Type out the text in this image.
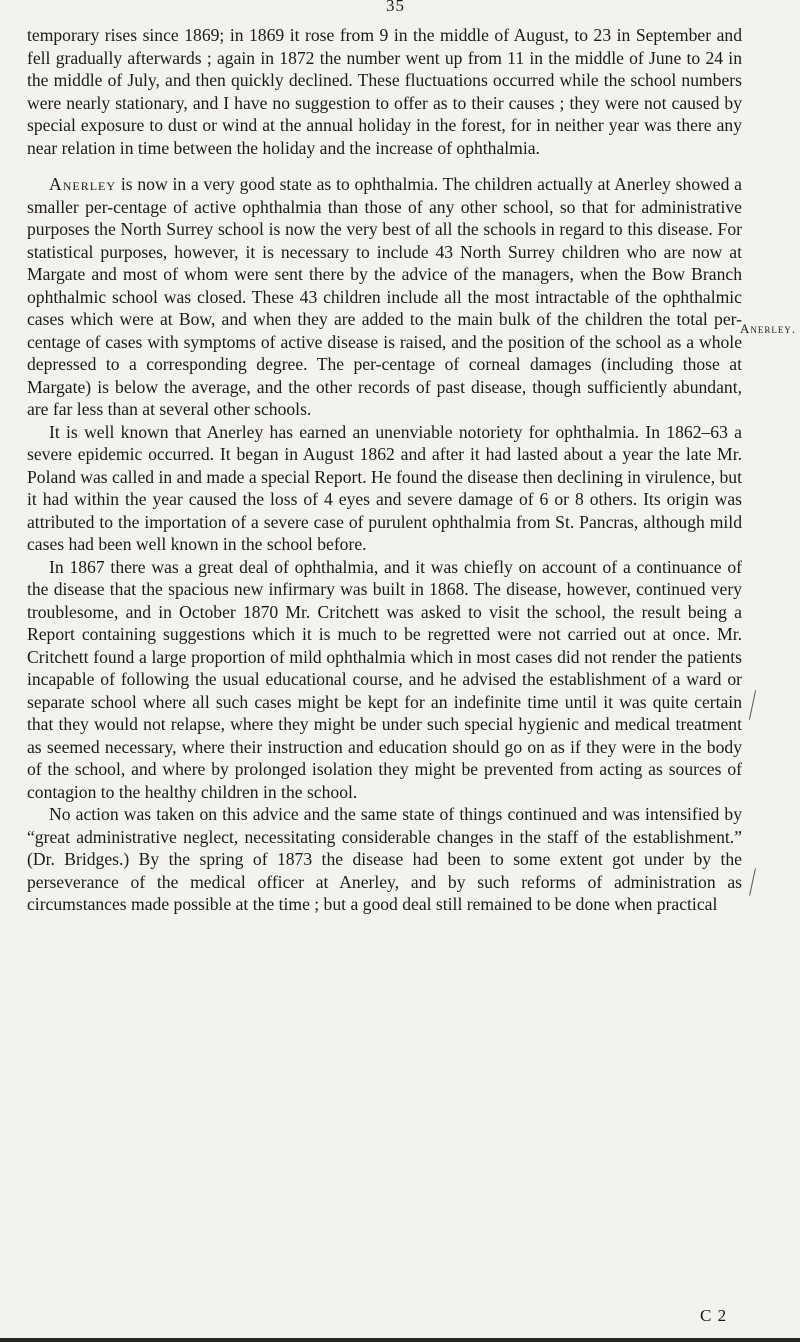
35

temporary rises since 1869; in 1869 it rose from 9 in the middle of August, to 23 in September and fell gradually afterwards ; again in 1872 the number went up from 11 in the middle of June to 24 in the middle of July, and then quickly declined. These fluctuations occurred while the school numbers were nearly stationary, and I have no suggestion to offer as to their causes ; they were not caused by special exposure to dust or wind at the annual holiday in the forest, for in neither year was there any near relation in time between the holiday and the increase of ophthalmia.

Anerley is now in a very good state as to ophthalmia. The children actually at Anerley showed a smaller per-centage of active ophthalmia than those of any other school, so that for administrative purposes the North Surrey school is now the very best of all the schools in regard to this disease. For statistical purposes, however, it is necessary to include 43 North Surrey children who are now at Margate and most of whom were sent there by the advice of the managers, when the Bow Branch ophthalmic school was closed. These 43 children include all the most intractable of the ophthalmic cases which were at Bow, and when they are added to the main bulk of the children the total per-centage of cases with symptoms of active disease is raised, and the position of the school as a whole depressed to a corresponding degree. The per-centage of corneal damages (including those at Margate) is below the average, and the other records of past disease, though sufficiently abundant, are far less than at several other schools.

It is well known that Anerley has earned an unenviable notoriety for ophthalmia. In 1862–63 a severe epidemic occurred. It began in August 1862 and after it had lasted about a year the late Mr. Poland was called in and made a special Report. He found the disease then declining in virulence, but it had within the year caused the loss of 4 eyes and severe damage of 6 or 8 others. Its origin was attributed to the importation of a severe case of purulent ophthalmia from St. Pancras, although mild cases had been well known in the school before.

In 1867 there was a great deal of ophthalmia, and it was chiefly on account of a continuance of the disease that the spacious new infirmary was built in 1868. The disease, however, continued very troublesome, and in October 1870 Mr. Critchett was asked to visit the school, the result being a Report containing suggestions which it is much to be regretted were not carried out at once. Mr. Critchett found a large proportion of mild ophthalmia which in most cases did not render the patients incapable of following the usual educational course, and he advised the establishment of a ward or separate school where all such cases might be kept for an indefinite time until it was quite certain that they would not relapse, where they might be under such special hygienic and medical treatment as seemed necessary, where their instruction and education should go on as if they were in the body of the school, and where by prolonged isolation they might be prevented from acting as sources of contagion to the healthy children in the school.

No action was taken on this advice and the same state of things continued and was intensified by “great administrative neglect, necessitating considerable changes in the staff of the establishment.” (Dr. Bridges.) By the spring of 1873 the disease had been to some extent got under by the perseverance of the medical officer at Anerley, and by such reforms of administration as circumstances made possible at the time ; but a good deal still remained to be done when practical

Anerley.
C 2
